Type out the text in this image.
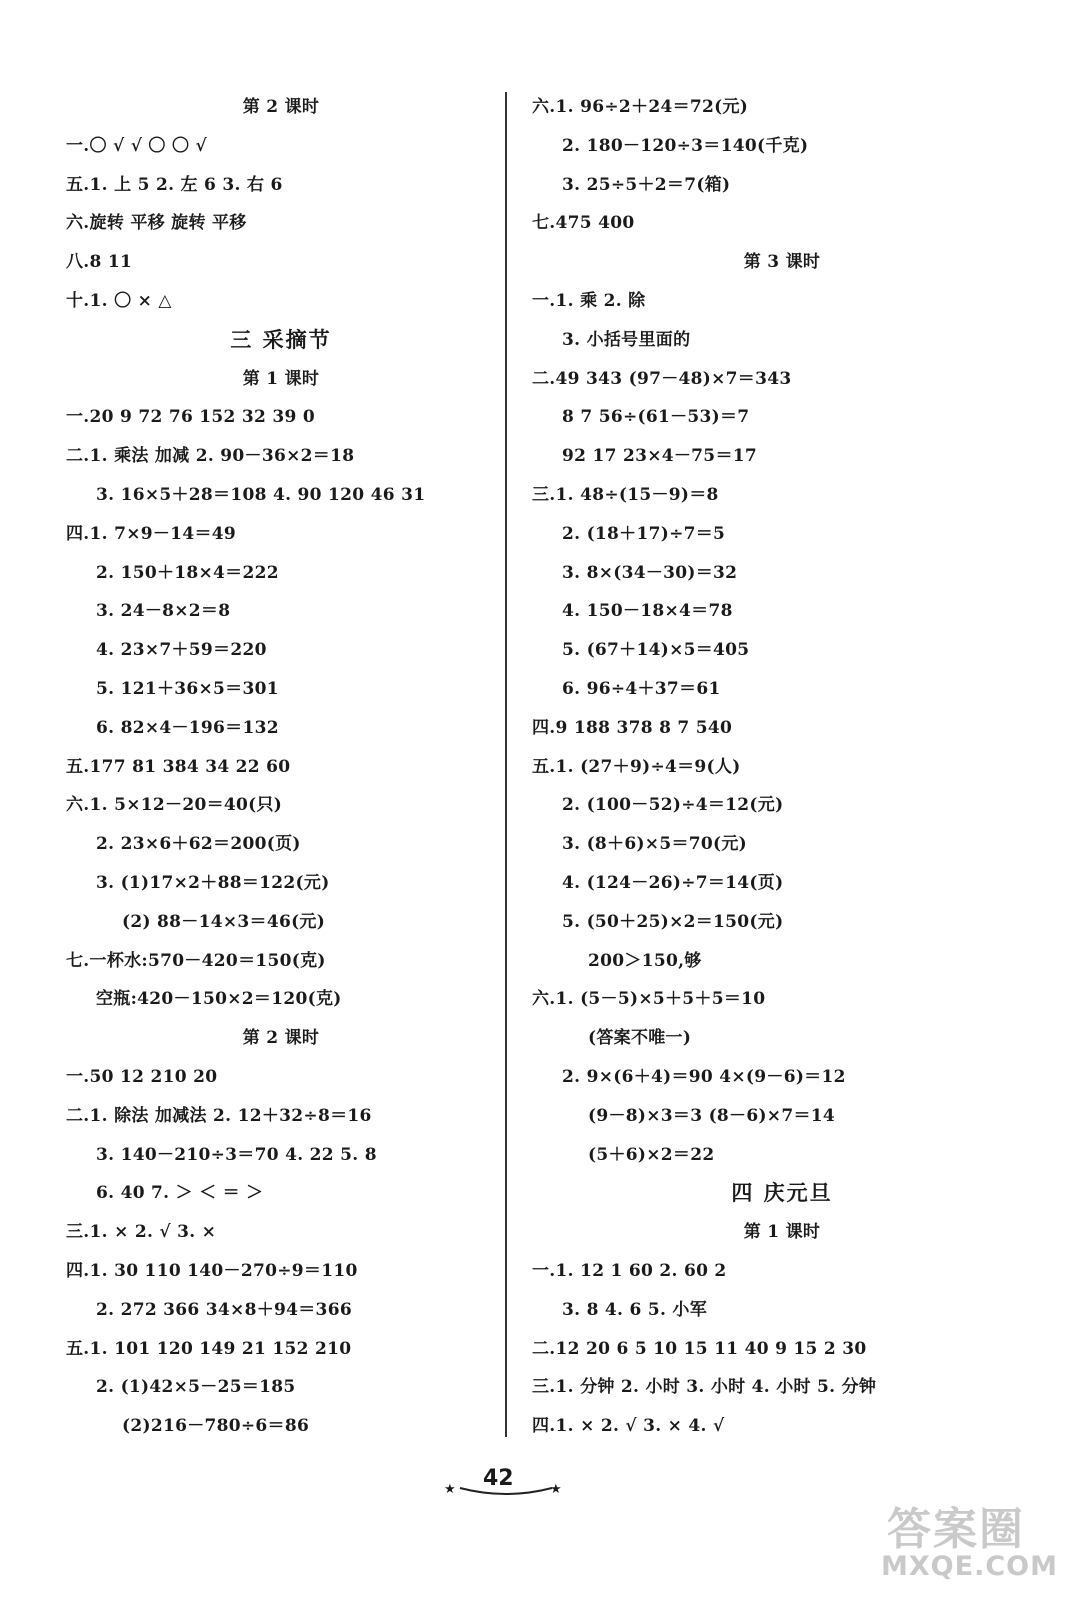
第 2 课时
一.〇 √ √ 〇 〇 √
五.1. 上 5 2. 左 6 3. 右 6
六.旋转 平移 旋转 平移
八.8 11
十.1. 〇 × △
三 采摘节
第 1 课时
一.20 9 72 76 152 32 39 0
二.1. 乘法 加减 2. 90－36×2＝18
3. 16×5＋28＝108 4. 90 120 46 31
四.1. 7×9－14＝49
2. 150＋18×4＝222
3. 24－8×2＝8
4. 23×7＋59＝220
5. 121＋36×5＝301
6. 82×4－196＝132
五.177 81 384 34 22 60
六.1. 5×12－20＝40(只)
2. 23×6＋62＝200(页)
3. (1)17×2＋88＝122(元)
(2) 88－14×3＝46(元)
七.一杯水:570－420＝150(克)
空瓶:420－150×2＝120(克)
第 2 课时
一.50 12 210 20
二.1. 除法 加减法 2. 12＋32÷8＝16
3. 140－210÷3＝70 4. 22 5. 8
6. 40 7. ＞ ＜ ＝ ＞
三.1. × 2. √ 3. ×
四.1. 30 110 140－270÷9＝110
2. 272 366 34×8＋94＝366
五.1. 101 120 149 21 152 210
2. (1)42×5－25＝185
(2)216－780÷6＝86
六.1. 96÷2＋24＝72(元)
2. 180－120÷3＝140(千克)
3. 25÷5＋2＝7(箱)
七.475 400
第 3 课时
一.1. 乘 2. 除
3. 小括号里面的
二.49 343 (97－48)×7＝343
8 7 56÷(61－53)＝7
92 17 23×4－75＝17
三.1. 48÷(15－9)＝8
2. (18＋17)÷7＝5
3. 8×(34－30)＝32
4. 150－18×4＝78
5. (67＋14)×5＝405
6. 96÷4＋37＝61
四.9 188 378 8 7 540
五.1. (27＋9)÷4＝9(人)
2. (100－52)÷4＝12(元)
3. (8＋6)×5＝70(元)
4. (124－26)÷7＝14(页)
5. (50＋25)×2＝150(元)
200＞150,够
六.1. (5－5)×5＋5＋5＝10
(答案不唯一)
2. 9×(6＋4)＝90 4×(9－6)＝12
(9－8)×3＝3 (8－6)×7＝14
(5＋6)×2＝22
四 庆元旦
第 1 课时
一.1. 12 1 60 2. 60 2
3. 8 4. 6 5. 小军
二.12 20 6 5 10 15 11 40 9 15 2 30
三.1. 分钟 2. 小时 3. 小时 4. 小时 5. 分钟
四.1. × 2. √ 3. × 4. √
★ 42	★
答案圈
MXQE.COM
